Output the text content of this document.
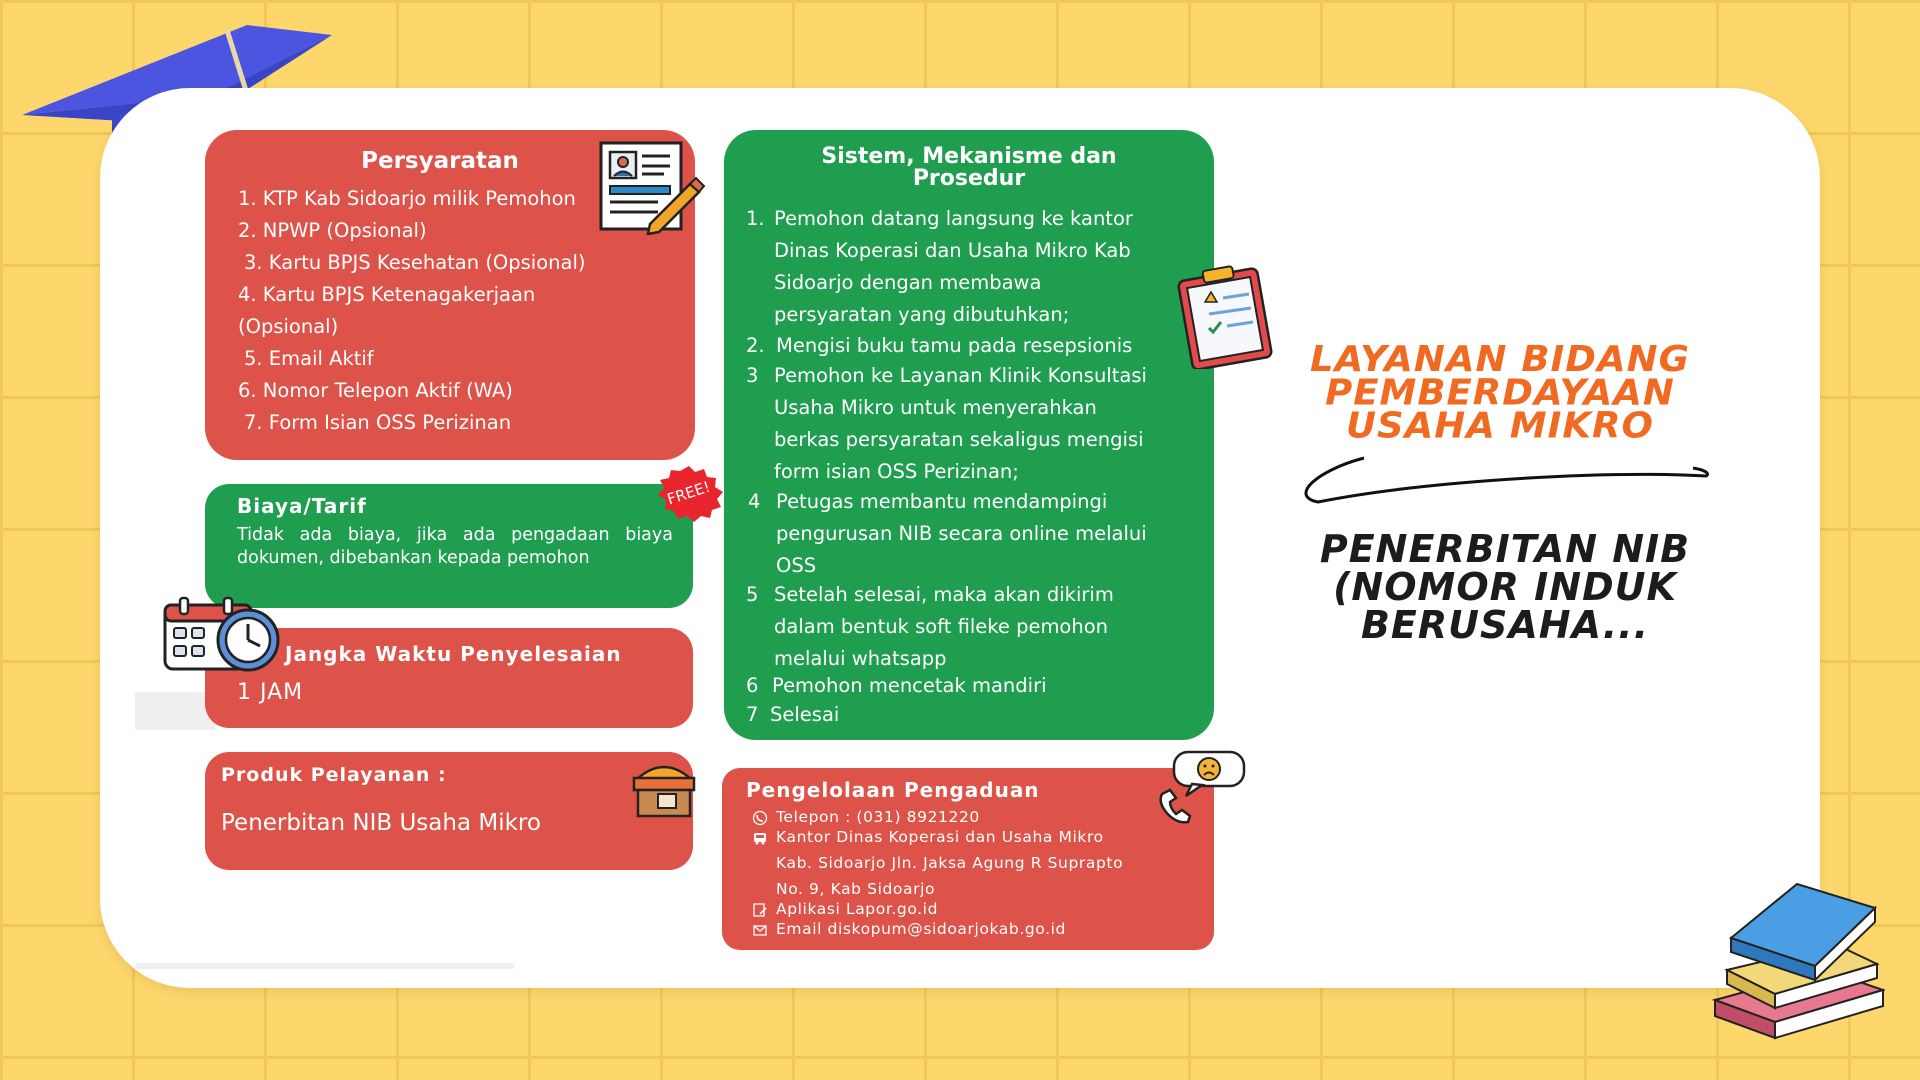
Persyaratan
1. KTP Kab Sidoarjo milik Pemohon
2. NPWP (Opsional)
3. Kartu BPJS Kesehatan (Opsional)
4. Kartu BPJS Ketenagakerjaan
(Opsional)
5. Email Aktif
6. Nomor Telepon Aktif (WA)
7. Form Isian OSS Perizinan
Biaya/Tarif
Tidak ada biaya, jika ada pengadaan biaya dokumen, dibebankan kepada pemohon
FREE!
Jangka Waktu Penyelesaian
1 JAM
Produk Pelayanan :
Penerbitan NIB Usaha Mikro
Sistem, Mekanisme dan
Prosedur
1. Pemohon datang langsung ke kantor
Dinas Koperasi dan Usaha Mikro Kab
Sidoarjo dengan membawa
persyaratan yang dibutuhkan;
2. Mengisi buku tamu pada resepsionis
3 Pemohon ke Layanan Klinik Konsultasi
Usaha Mikro untuk menyerahkan
berkas persyaratan sekaligus mengisi
form isian OSS Perizinan;
4 Petugas membantu mendampingi
pengurusan NIB secara online melalui
OSS
5 Setelah selesai, maka akan dikirim
dalam bentuk soft fileke pemohon
melalui whatsapp
6 Pemohon mencetak mandiri
7 Selesai
Pengelolaan Pengaduan
Telepon : (031) 8921220
Kantor Dinas Koperasi dan Usaha Mikro
Kab. Sidoarjo Jln. Jaksa Agung R Suprapto
No. 9, Kab Sidoarjo
Aplikasi Lapor.go.id
Email diskopum@sidoarjokab.go.id
LAYANAN BIDANG
PEMBERDAYAAN
USAHA MIKRO
PENERBITAN NIB
(NOMOR INDUK
BERUSAHA...
